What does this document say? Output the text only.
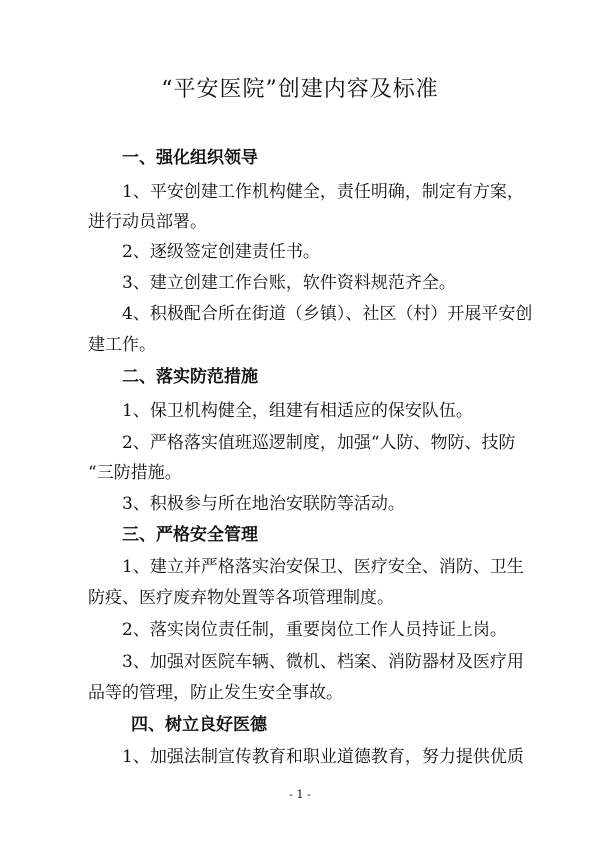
“平安医院”创建内容及标准
一、强化组织领导
1、平安创建工作机构健全，责任明确，制定有方案，
进行动员部署。
2、逐级签定创建责任书。
3、建立创建工作台账，软件资料规范齐全。
4、积极配合所在街道（乡镇）、社区（村）开展平安创
建工作。
二、落实防范措施
1、保卫机构健全，组建有相适应的保安队伍。
2、严格落实值班巡逻制度，加强“人防、物防、技防
“三防措施。
3、积极参与所在地治安联防等活动。
三、严格安全管理
1、建立并严格落实治安保卫、医疗安全、消防、卫生
防疫、医疗废弃物处置等各项管理制度。
2、落实岗位责任制，重要岗位工作人员持证上岗。
3、加强对医院车辆、微机、档案、消防器材及医疗用
品等的管理，防止发生安全事故。
四、树立良好医德
1、加强法制宣传教育和职业道德教育，努力提供优质
- 1 -
